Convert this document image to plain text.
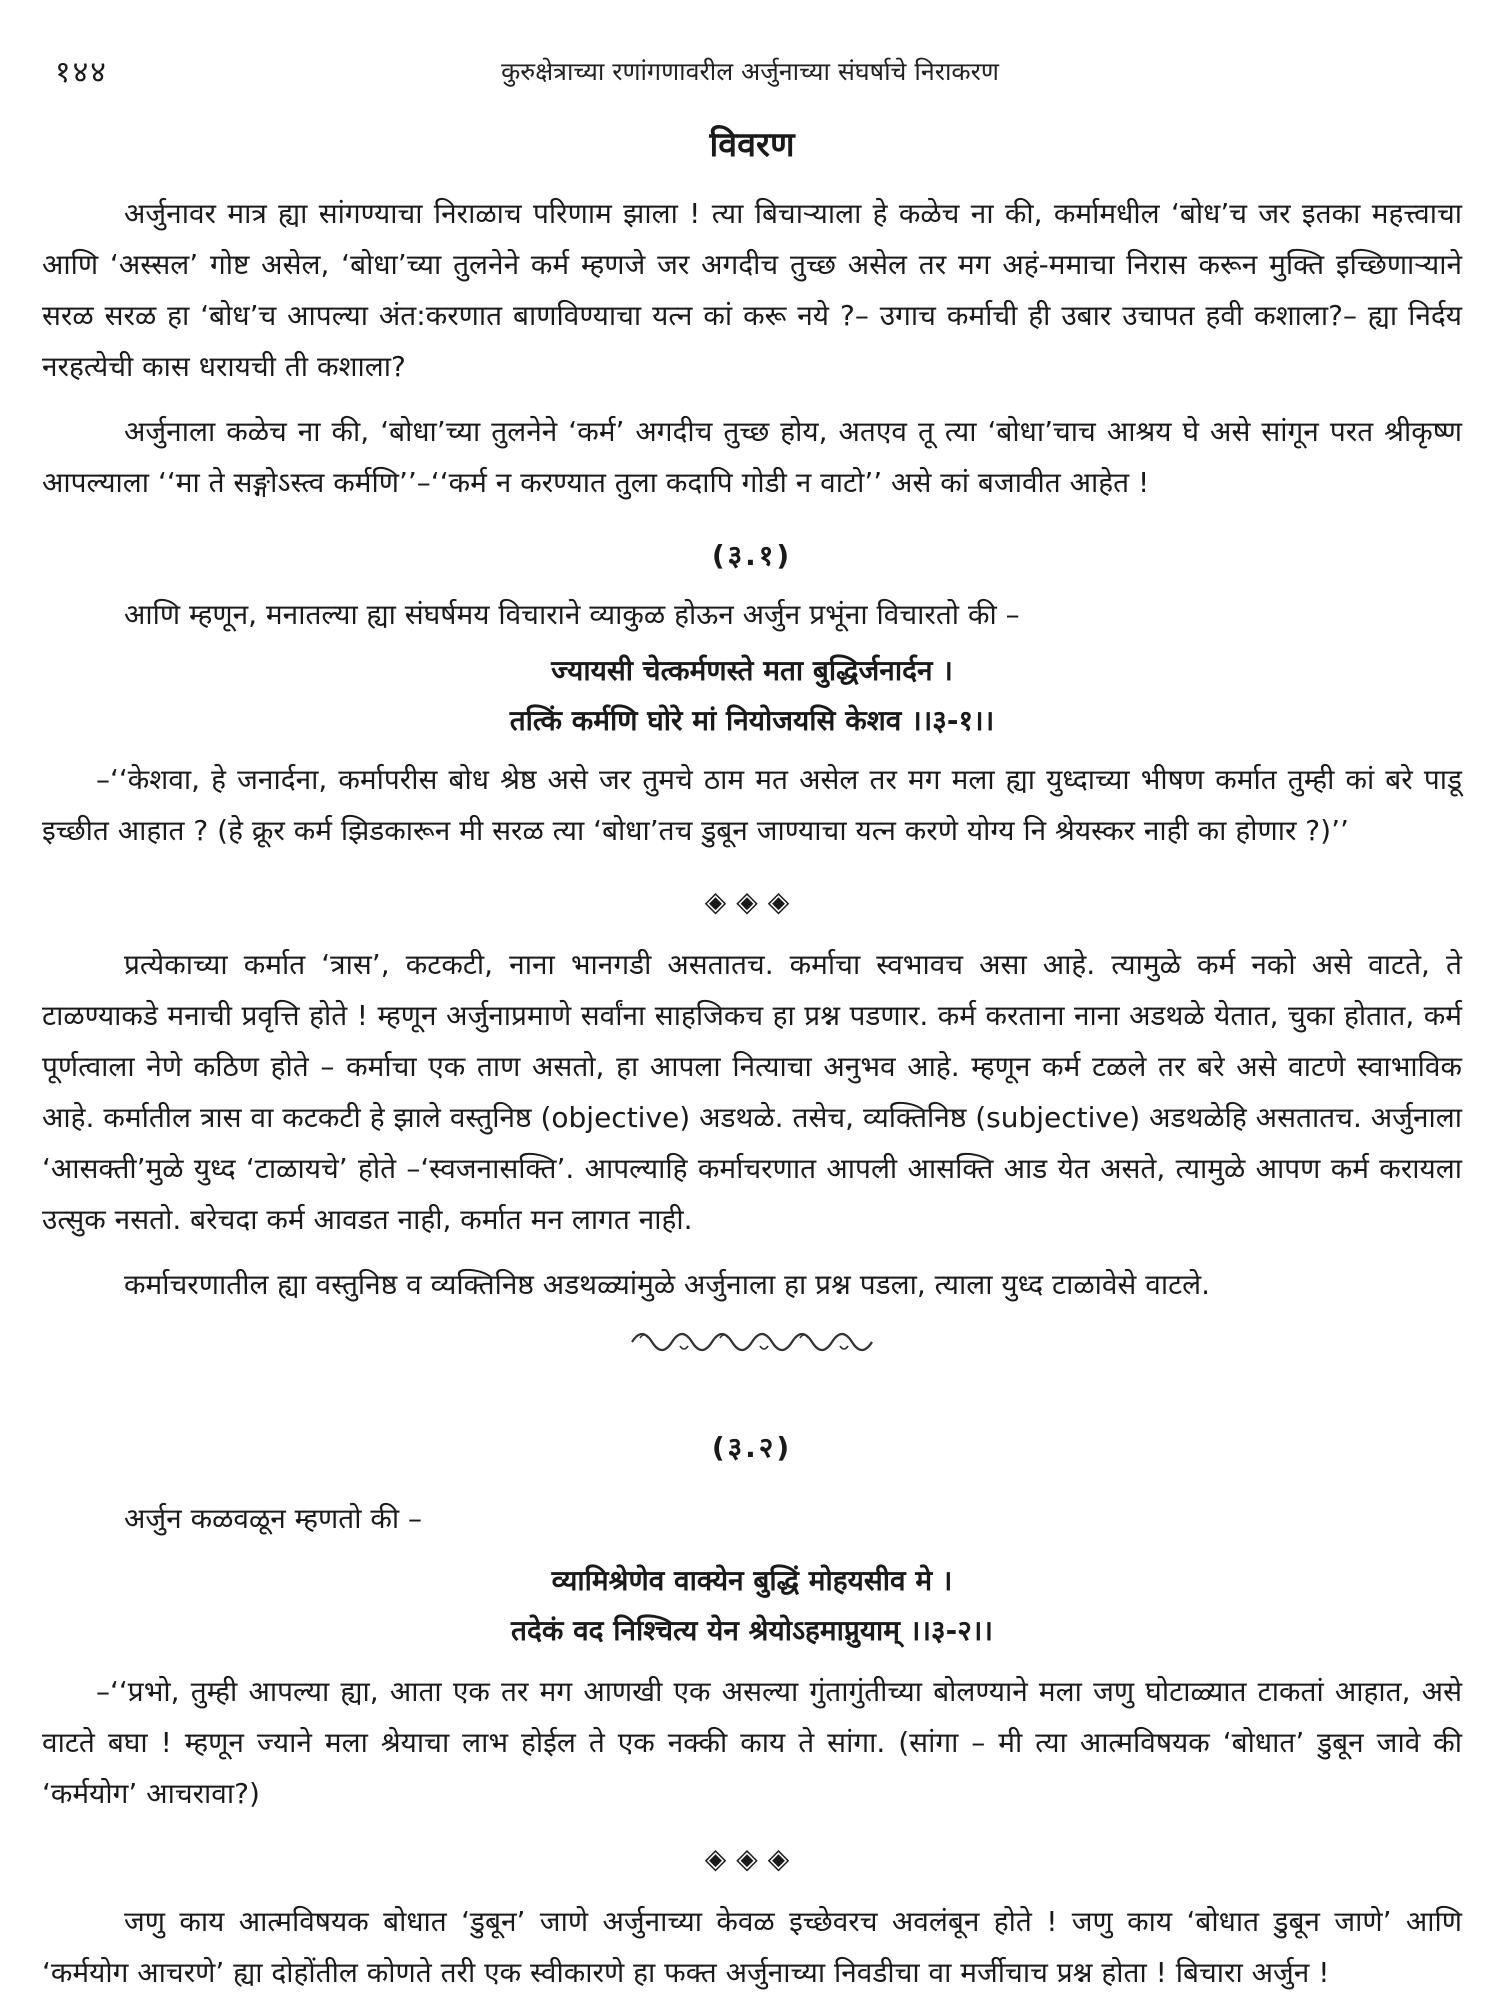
१४४	कुरुक्षेत्राच्या रणांगणावरील अर्जुनाच्या संघर्षाचे निराकरण
विवरण

अर्जुनावर मात्र ह्या सांगण्याचा निराळाच परिणाम झाला ! त्या बिचाऱ्याला हे कळेच ना की, कर्मामधील ‘बोध’च जर इतका महत्त्वाचा आणि ‘अस्सल’ गोष्ट असेल, ‘बोधा’च्या तुलनेने कर्म म्हणजे जर अगदीच तुच्छ असेल तर मग अहं-ममाचा निरास करून मुक्ति इच्छिणाऱ्याने सरळ सरळ हा ‘बोध’च आपल्या अंत:करणात बाणविण्याचा यत्न कां करू नये ?– उगाच कर्माची ही उबार उचापत हवी कशाला?– ह्या निर्दय नरहत्येची कास धरायची ती कशाला?

अर्जुनाला कळेच ना की, ‘बोधा’च्या तुलनेने ‘कर्म’ अगदीच तुच्छ होय, अतएव तू त्या ‘बोधा’चाच आश्रय घे असे सांगून परत श्रीकृष्ण आपल्याला ‘‘मा ते सङ्गोऽस्त्व कर्मणि’’–‘‘कर्म न करण्यात तुला कदापि गोडी न वाटो’’ असे कां बजावीत आहेत !

(३.१)

आणि म्हणून, मनातल्या ह्या संघर्षमय विचाराने व्याकुळ होऊन अर्जुन प्रभूंना विचारतो की –

ज्यायसी चेत्कर्मणस्ते मता बुद्धिर्जनार्दन ।
तत्किं कर्मणि घोरे मां नियोजयसि केशव ।।३-१।।

–‘‘केशवा, हे जनार्दना, कर्मापरीस बोध श्रेष्ठ असे जर तुमचे ठाम मत असेल तर मग मला ह्या युध्दाच्या भीषण कर्मात तुम्ही कां बरे पाडू इच्छीत आहात ? (हे क्रूर कर्म झिडकारून मी सरळ त्या ‘बोधा’तच डुबून जाण्याचा यत्न करणे योग्य नि श्रेयस्कर नाही का होणार ?)’’

◈◈◈

प्रत्येकाच्या कर्मात ‘त्रास’, कटकटी, नाना भानगडी असतातच. कर्माचा स्वभावच असा आहे. त्यामुळे कर्म नको असे वाटते, ते टाळण्याकडे मनाची प्रवृत्ति होते ! म्हणून अर्जुनाप्रमाणे सर्वांना साहजिकच हा प्रश्न पडणार. कर्म करताना नाना अडथळे येतात, चुका होतात, कर्म पूर्णत्वाला नेणे कठिण होते – कर्माचा एक ताण असतो, हा आपला नित्याचा अनुभव आहे. म्हणून कर्म टळले तर बरे असे वाटणे स्वाभाविक आहे. कर्मातील त्रास वा कटकटी हे झाले वस्तुनिष्ठ (objective) अडथळे. तसेच, व्यक्तिनिष्ठ (subjective) अडथळेहि असतातच. अर्जुनाला ‘आसक्ती’मुळे युध्द ‘टाळायचे’ होते –‘स्वजनासक्ति’. आपल्याहि कर्माचरणात आपली आसक्ति आड येत असते, त्यामुळे आपण कर्म करायला उत्सुक नसतो. बरेचदा कर्म आवडत नाही, कर्मात मन लागत नाही.

कर्माचरणातील ह्या वस्तुनिष्ठ व व्यक्तिनिष्ठ अडथळ्यांमुळे अर्जुनाला हा प्रश्न पडला, त्याला युध्द टाळावेसे वाटले.

(३.२)

अर्जुन कळवळून म्हणतो की –

व्यामिश्रेणेव वाक्येन बुद्धिं मोहयसीव मे ।
तदेकं वद निश्चित्य येन श्रेयोऽहमाप्नुयाम् ।।३-२।।

–‘‘प्रभो, तुम्ही आपल्या ह्या, आता एक तर मग आणखी एक असल्या गुंतागुंतीच्या बोलण्याने मला जणु घोटाळ्यात टाकतां आहात, असे वाटते बघा ! म्हणून ज्याने मला श्रेयाचा लाभ होईल ते एक नक्की काय ते सांगा. (सांगा – मी त्या आत्मविषयक ‘बोधात’ डुबून जावे की ‘कर्मयोग’ आचरावा?)

◈◈◈

जणु काय आत्मविषयक बोधात ‘डुबून’ जाणे अर्जुनाच्या केवळ इच्छेवरच अवलंबून होते ! जणु काय ‘बोधात डुबून जाणे’ आणि ‘कर्मयोग आचरणे’ ह्या दोहोंतील कोणते तरी एक स्वीकारणे हा फक्त अर्जुनाच्या निवडीचा वा मर्जीचाच प्रश्न होता ! बिचारा अर्जुन !
